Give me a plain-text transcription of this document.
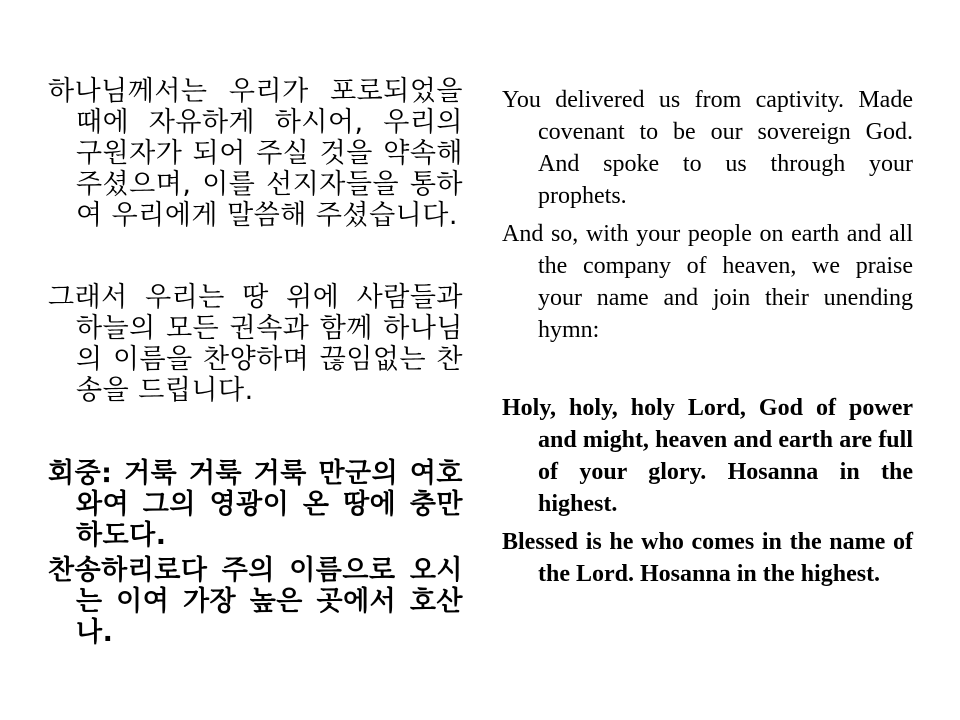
하나님께서는 우리가 포로되었을 때에 자유하게 하시어, 우리의 구원자가 되어 주실 것을 약속해 주셨으며, 이를 선지자들을 통하여 우리에게 말씀해 주셨습니다.

그래서 우리는 땅 위에 사람들과 하늘의 모든 권속과 함께 하나님의 이름을 찬양하며 끊임없는 찬송을 드립니다.

회중: 거룩 거룩 거룩 만군의 여호와여 그의 영광이 온 땅에 충만하도다.

찬송하리로다 주의 이름으로 오시는 이여 가장 높은 곳에서 호산나.

You delivered us from captivity. Made covenant to be our sovereign God. And spoke to us through your prophets.

And so, with your people on earth and all the company of heaven, we praise your name and join their unending hymn:

Holy, holy, holy Lord, God of power and might, heaven and earth are full of your glory. Hosanna in the highest.

Blessed is he who comes in the name of the Lord. Hosanna in the highest.
